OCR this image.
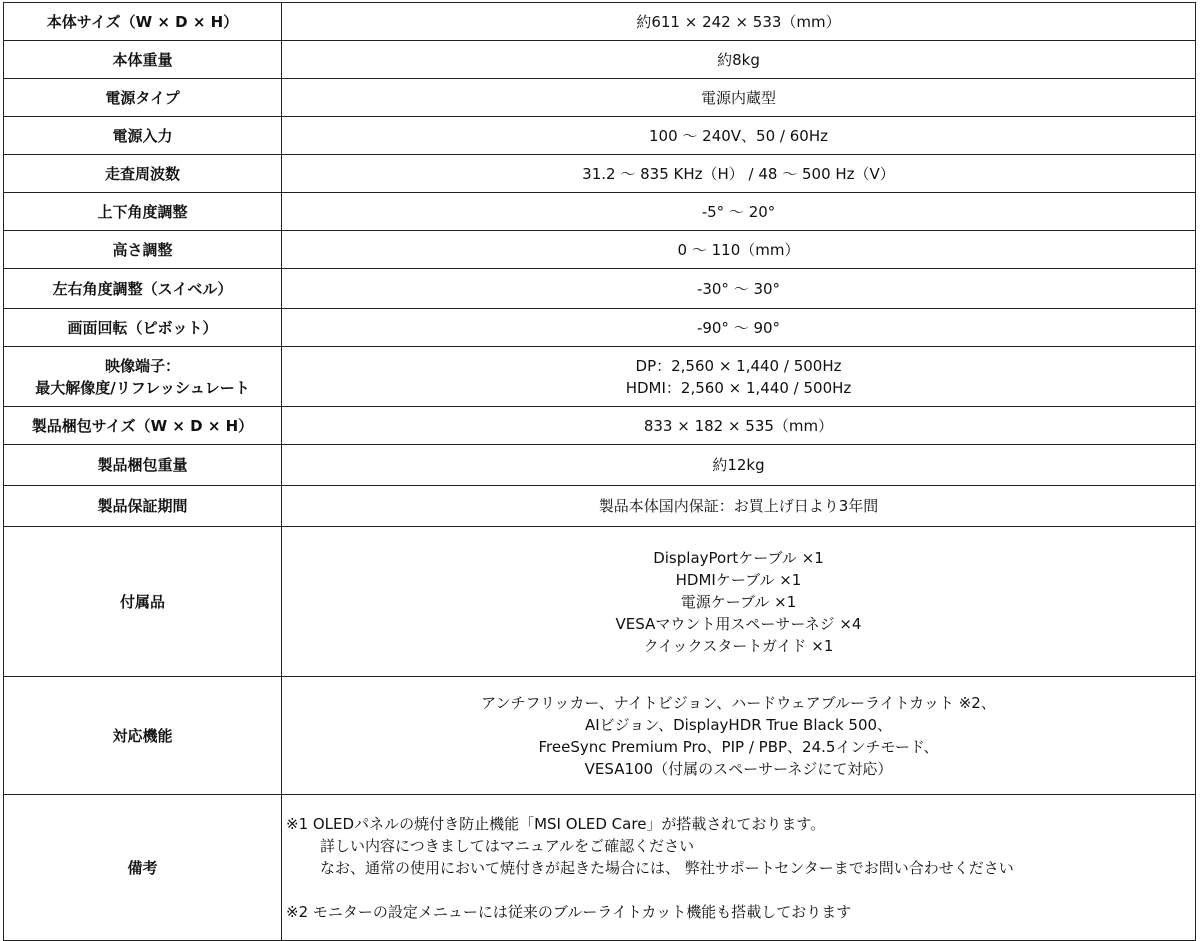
本体サイズ（W × D × H）	約611 × 242 × 533（mm）
本体重量	約8kg
電源タイプ	電源内蔵型
電源入力	100 ～ 240V、50 / 60Hz
走査周波数	31.2 ～ 835 KHz（H） / 48 ～ 500 Hz（V）
上下角度調整	-5° ～ 20°
高さ調整	0 ～ 110（mm）
左右角度調整（スイベル）	-30° ～ 30°
画面回転（ピボット）	-90° ～ 90°

映像端子：
最大解像度/リフレッシュレート	DP：2,560 × 1,440 / 500Hz
HDMI：2,560 × 1,440 / 500Hz

製品梱包サイズ（W × D × H）	833 × 182 × 535（mm）
製品梱包重量	約12kg
製品保証期間	製品本体国内保証：お買上げ日より3年間
付属品	DisplayPortケーブル ×1
HDMIケーブル ×1
電源ケーブル ×1
VESAマウント用スペーサーネジ ×4
クイックスタートガイド ×1

対応機能	アンチフリッカー、ナイトビジョン、ハードウェアブルーライトカット ※2、
AIビジョン、DisplayHDR True Black 500、
FreeSync Premium Pro、PIP / PBP、24.5インチモード、
VESA100（付属のスペーサーネジにて対応）

備考	※1 OLEDパネルの焼付き防止機能「MSI OLED Care」が搭載されております。
詳しい内容につきましてはマニュアルをご確認ください
なお、通常の使用において焼付きが起きた場合には、 弊社サポートセンターまでお問い合わせください
※2 モニターの設定メニューには従来のブルーライトカット機能も搭載しております
